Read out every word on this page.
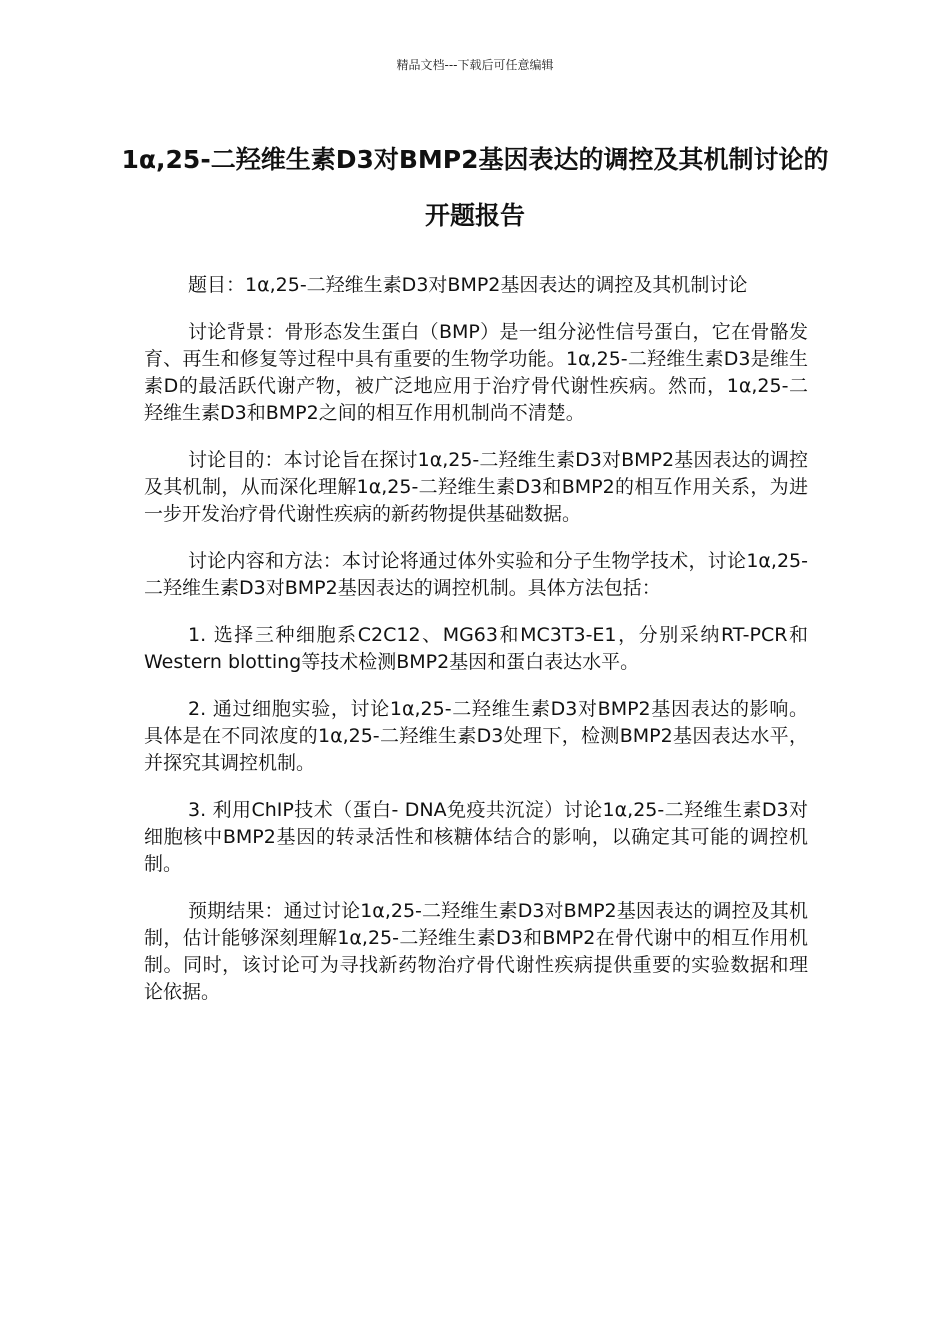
精品文档---下载后可任意编辑
1α,25-二羟维生素D3对BMP2基因表达的调控及其机制讨论的开题报告

题目：1α,25-二羟维生素D3对BMP2基因表达的调控及其机制讨论

讨论背景：骨形态发生蛋白（BMP）是一组分泌性信号蛋白，它在骨骼发育、再生和修复等过程中具有重要的生物学功能。1α,25-二羟维生素D3是维生素D的最活跃代谢产物，被广泛地应用于治疗骨代谢性疾病。然而，1α,25-二羟维生素D3和BMP2之间的相互作用机制尚不清楚。

讨论目的：本讨论旨在探讨1α,25-二羟维生素D3对BMP2基因表达的调控及其机制，从而深化理解1α,25-二羟维生素D3和BMP2的相互作用关系，为进一步开发治疗骨代谢性疾病的新药物提供基础数据。

讨论内容和方法：本讨论将通过体外实验和分子生物学技术，讨论1α,25-二羟维生素D3对BMP2基因表达的调控机制。具体方法包括：

1. 选择三种细胞系C2C12、MG63和MC3T3-E1，分别采纳RT-PCR和Western blotting等技术检测BMP2基因和蛋白表达水平。

2. 通过细胞实验，讨论1α,25-二羟维生素D3对BMP2基因表达的影响。具体是在不同浓度的1α,25-二羟维生素D3处理下，检测BMP2基因表达水平，并探究其调控机制。

3. 利用ChIP技术（蛋白- DNA免疫共沉淀）讨论1α,25-二羟维生素D3对细胞核中BMP2基因的转录活性和核糖体结合的影响，以确定其可能的调控机制。

预期结果：通过讨论1α,25-二羟维生素D3对BMP2基因表达的调控及其机制，估计能够深刻理解1α,25-二羟维生素D3和BMP2在骨代谢中的相互作用机制。同时，该讨论可为寻找新药物治疗骨代谢性疾病提供重要的实验数据和理论依据。
